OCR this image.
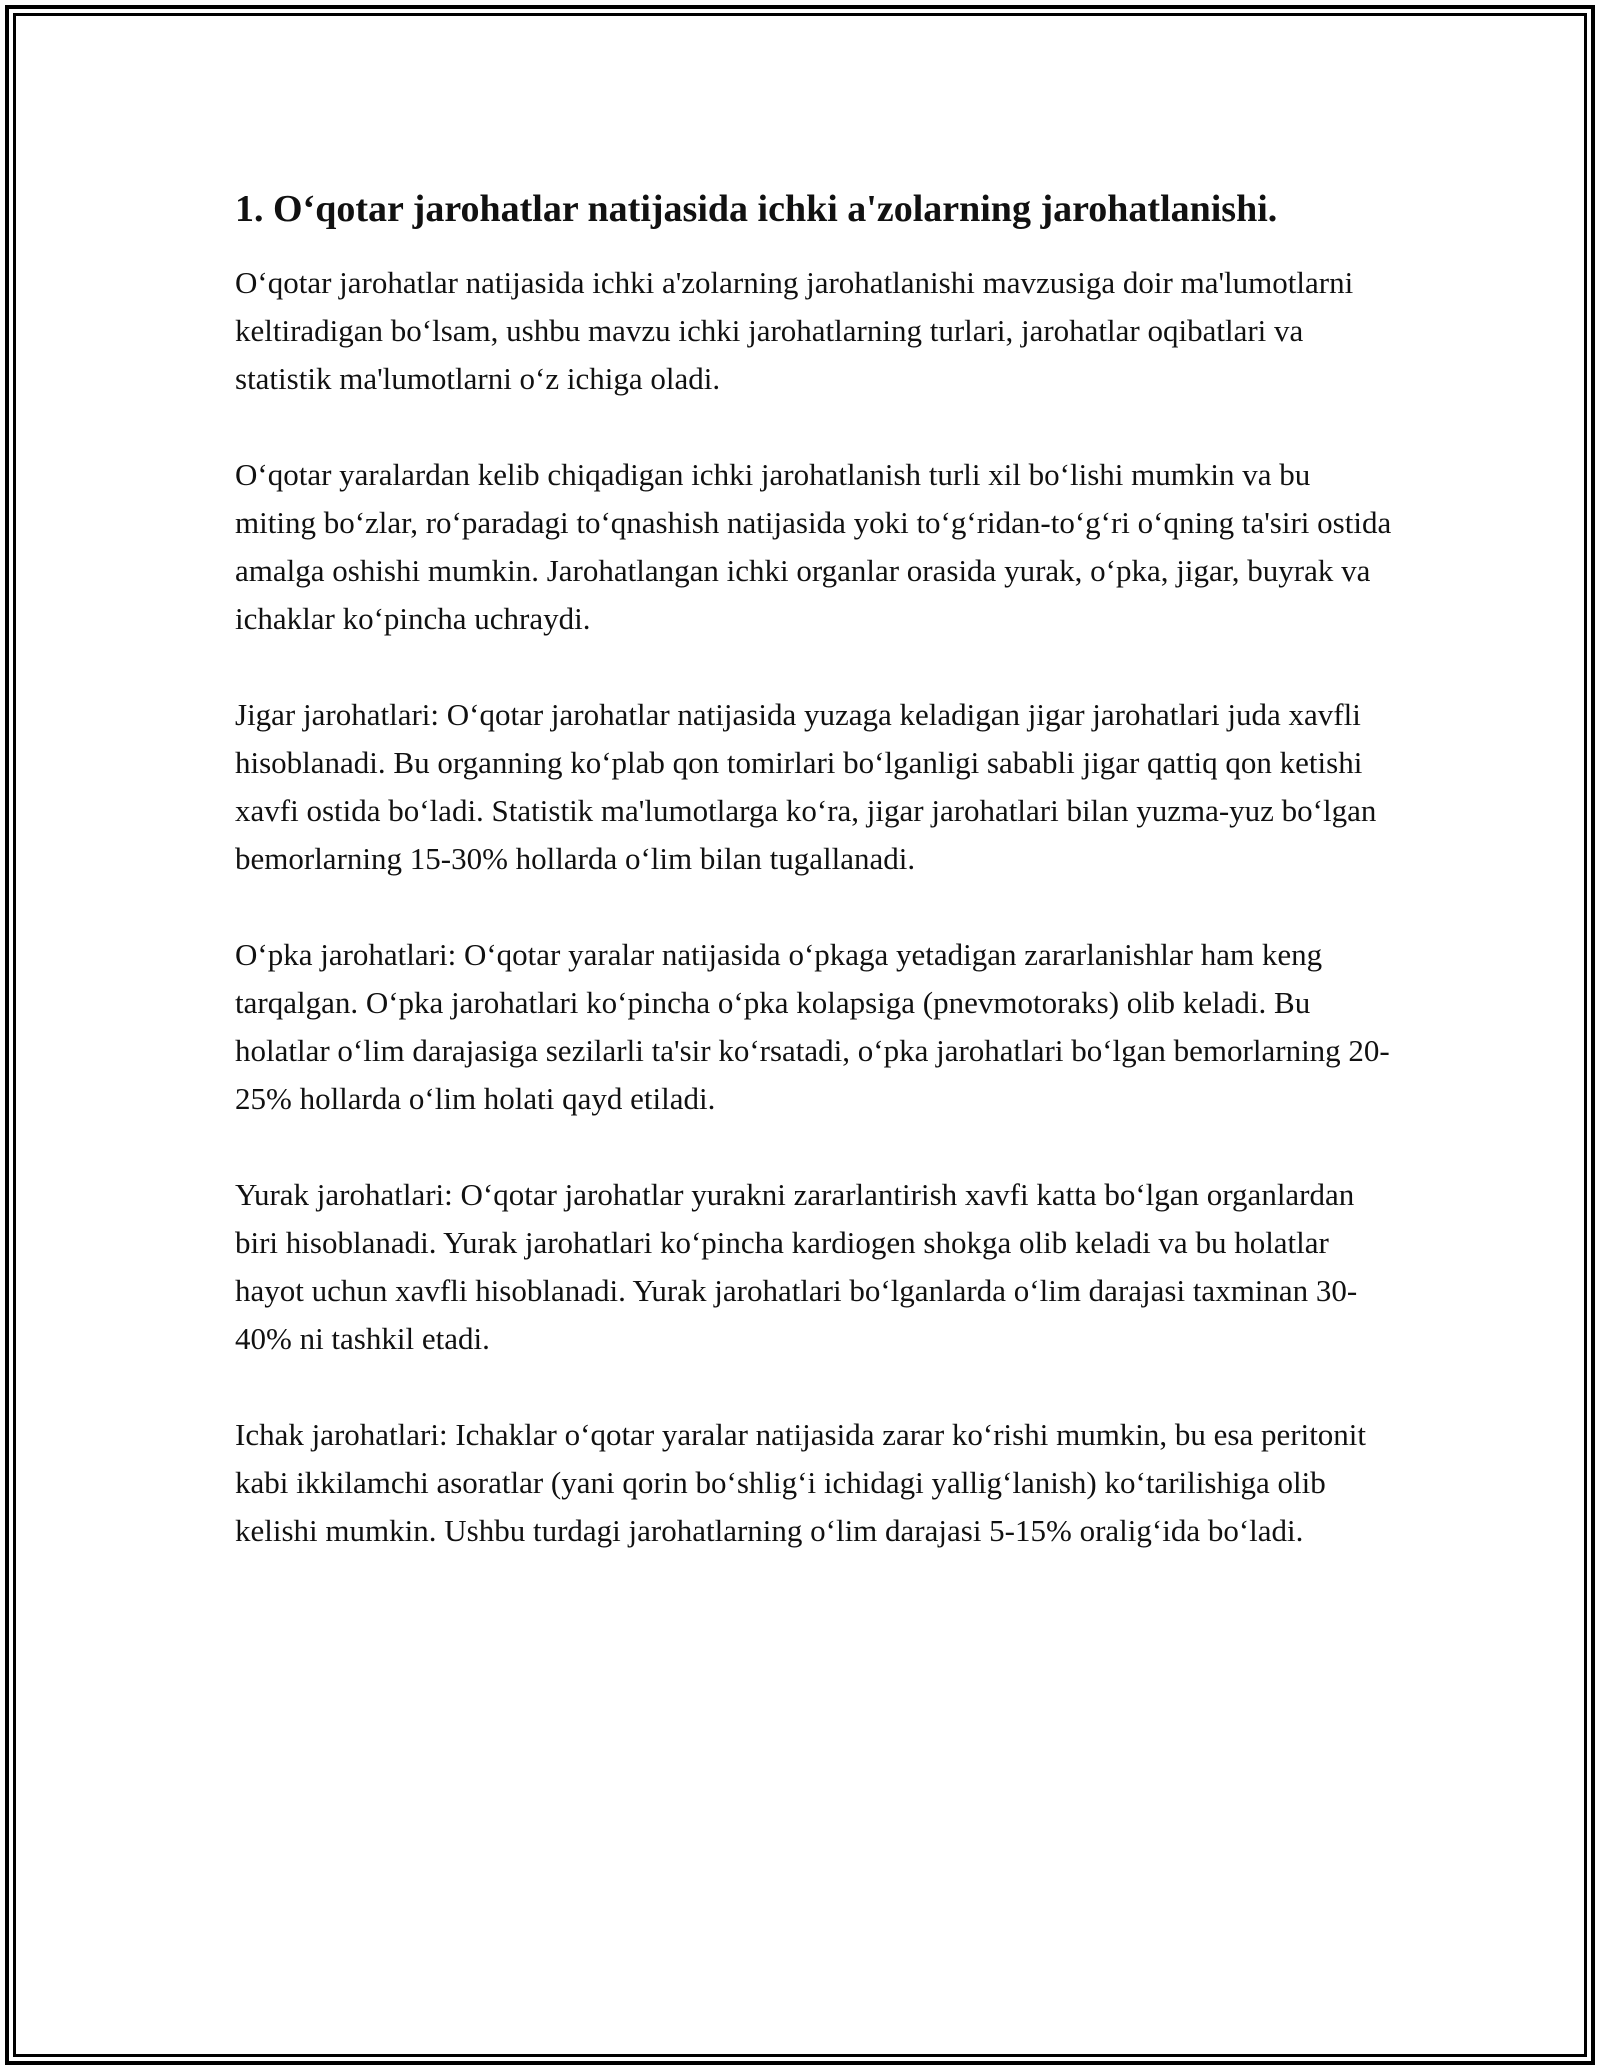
1. O‘qotar jarohatlar natijasida ichki a'zolarning jarohatlanishi.

O‘qotar jarohatlar natijasida ichki a'zolarning jarohatlanishi mavzusiga doir ma'lumotlarni keltiradigan bo‘lsam, ushbu mavzu ichki jarohatlarning turlari, jarohatlar oqibatlari va statistik ma'lumotlarni o‘z ichiga oladi.

O‘qotar yaralardan kelib chiqadigan ichki jarohatlanish turli xil bo‘lishi mumkin va bu miting bo‘zlar, ro‘paradagi to‘qnashish natijasida yoki to‘g‘ridan-to‘g‘ri o‘qning ta'siri ostida amalga oshishi mumkin. Jarohatlangan ichki organlar orasida yurak, o‘pka, jigar, buyrak va ichaklar ko‘pincha uchraydi.

Jigar jarohatlari: O‘qotar jarohatlar natijasida yuzaga keladigan jigar jarohatlari juda xavfli hisoblanadi. Bu organning ko‘plab qon tomirlari bo‘lganligi sababli jigar qattiq qon ketishi xavfi ostida bo‘ladi. Statistik ma'lumotlarga ko‘ra, jigar jarohatlari bilan yuzma-yuz bo‘lgan bemorlarning 15-30% hollarda o‘lim bilan tugallanadi.

O‘pka jarohatlari: O‘qotar yaralar natijasida o‘pkaga yetadigan zararlanishlar ham keng tarqalgan. O‘pka jarohatlari ko‘pincha o‘pka kolapsiga (pnevmotoraks) olib keladi. Bu holatlar o‘lim darajasiga sezilarli ta'sir ko‘rsatadi, o‘pka jarohatlari bo‘lgan bemorlarning 20-25% hollarda o‘lim holati qayd etiladi.

Yurak jarohatlari: O‘qotar jarohatlar yurakni zararlantirish xavfi katta bo‘lgan organlardan biri hisoblanadi. Yurak jarohatlari ko‘pincha kardiogen shokga olib keladi va bu holatlar hayot uchun xavfli hisoblanadi. Yurak jarohatlari bo‘lganlarda o‘lim darajasi taxminan 30-40% ni tashkil etadi.

Ichak jarohatlari: Ichaklar o‘qotar yaralar natijasida zarar ko‘rishi mumkin, bu esa peritonit kabi ikkilamchi asoratlar (yani qorin bo‘shlig‘i ichidagi yallig‘lanish) ko‘tarilishiga olib kelishi mumkin. Ushbu turdagi jarohatlarning o‘lim darajasi 5-15% oralig‘ida bo‘ladi.
